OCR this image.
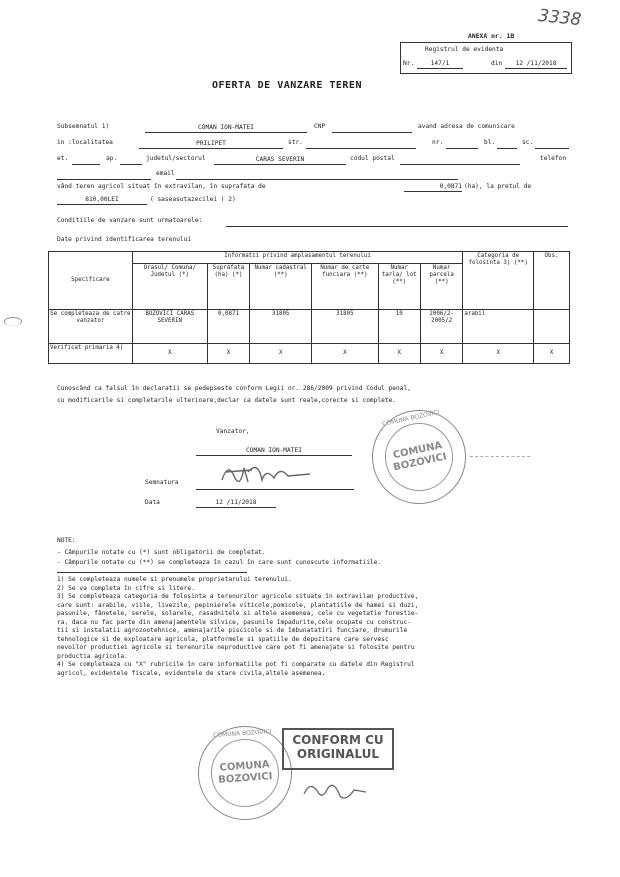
3338
ANEXA nr. 1B
Registrul de evidenta
Nr.	147/1	din	12 /11/2018
OFERTA DE VANZARE TEREN
Subsemnatul 1)	COMAN ION-MATEI	CNP	avand adresa de comunicare
in :localitatea	PRILIPET	str.	nr.	bl.	sc.
et.	ap.	judetul/sectorul	CARAS SEVERIN	codul postal	telefon
email
vând teren agricol situat în extravilan, în suprafata de	0,0871 (ha), la pretul de
810,00LEI	( saseasutazecilei ) 2)
Conditiile de vanzare sunt urmatoarele:
Date privind identificarea terenului
Specificare	Informatii privind amplasamentul terenului						Categoria de folosinta 3) (**)	Obs.
	Orasul/ Comuna/ Judetul (*)	Suprafata (ha) (*)	Numar cadastral (**)	Numar de carte funciara (**)	Numar tarla/ lot (**)	Numar parcela (**)		
Se completeaza de catre vanzator	BOZOVICI CARAS SEVERIN	0,0871	31805	31805	10	2006/2-2005/2	arabil	
Verificat primaria 4)	X	X	X	X	X	X	X	X
Cunoscând ca falsul în declaratii se pedepseste conform Legii nr. 286/2009 privind Codul penal,
cu modificarile si completarile ulterioare,declar ca datele sunt reale,corecte si complete.
Vanzator,
COMAN ION-MATEI
Semnatura
Data	12 /11/2018
COMUNA BOZOVICI
COMUNA BOZOVICI
NOTE:
- Câmpurile notate cu (*) sunt obligatorii de completat.
- Câmpurile notate cu (**) se completeaza în cazul în care sunt cunoscute informatiile.
1) Se completeaza numele si prenumele proprietarului terenului.
2) Se va completa în cifre si litere.
3) Se completeaza categoria de folosinta a terenurilor agricole situate în extravilan productive,
care sunt: arabile, viile, livezile, pepinierele viticole,pomicole, plantatiile de hamei si duzi,
pasunile, fânetele, serele, solarele, rasadnitele si altele asemenea, cele cu vegetatie forestie-
ra, daca nu fac parte din amenajamentele silvice, pasunile împadurite,cele ocupate cu construc-
tii si instalatii agrozootehnice, amenajarile piscicole si de îmbunatatiri funciare, drumurile
tehnologice si de exploatare agricola, platformele si spatiile de depozitare care servesc
nevoilor productiei agricole si terenurile neproductive care pot fi amenajate si folosite pentru
productia agricola.
4) Se completeaza cu "X" rubricile în care informatiile pot fi comparate cu datele din Registrul
agricol, evidentele fiscale, evidentele de stare civila,altele asemenea.
COMUNA BOZOVICI
COMUNA BOZOVICI
CONFORM CU
ORIGINALUL
